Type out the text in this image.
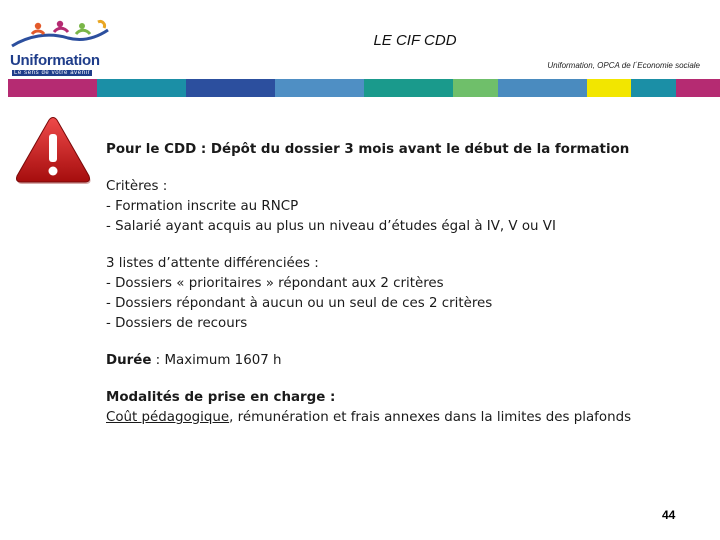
Uniformation
Le sens de votre avenir
LE CIF CDD
Uniformation, OPCA de l´Economie sociale

Pour le CDD : Dépôt du dossier 3 mois avant le début de la formation

Critères :
- Formation inscrite au RNCP
- Salarié ayant acquis au plus un niveau d’études égal à IV, V ou VI

3 listes d’attente différenciées :
- Dossiers « prioritaires » répondant aux 2 critères
- Dossiers répondant à aucun ou un seul de ces 2 critères
- Dossiers de recours

Durée : Maximum 1607 h

Modalités de prise en charge :
Coût pédagogique, rémunération et frais annexes dans la limites des plafonds

44
